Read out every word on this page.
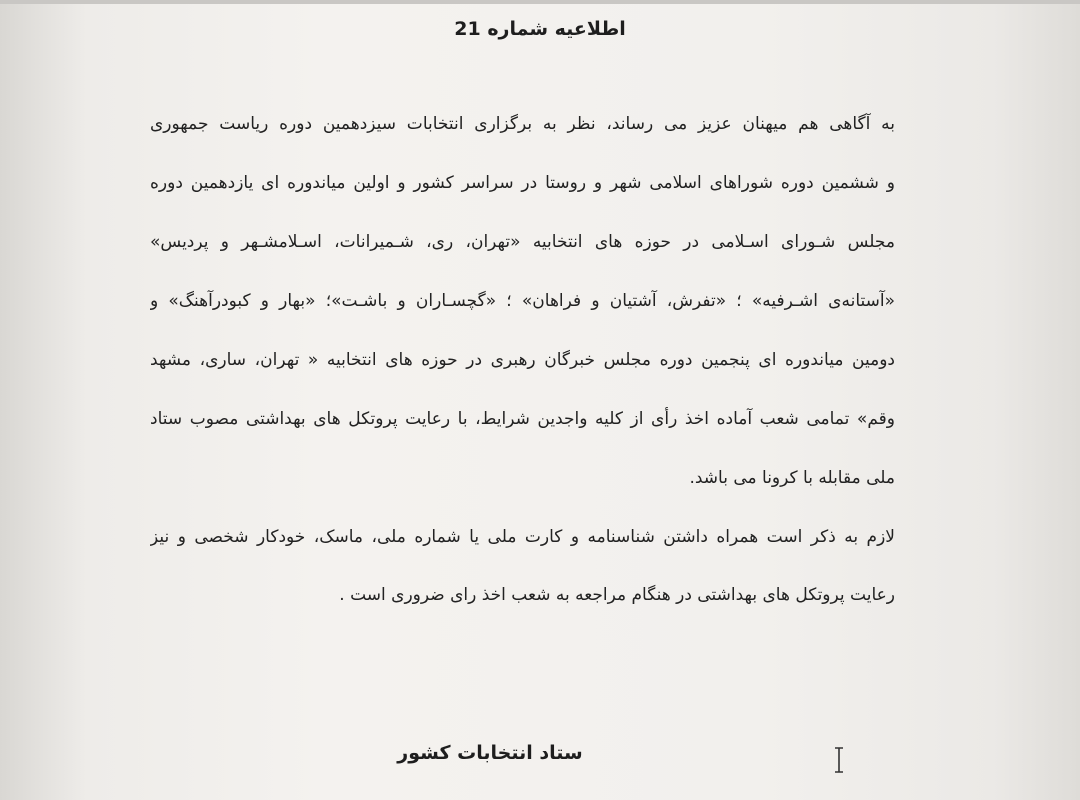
اطلاعیه شماره 21
به آگاهی هم میهنان عزیز می رساند، نظر به برگزاری انتخابات سیزدهمین دوره ریاست جمهوری
و ششمین دوره شوراهای اسلامی شهر و روستا در سراسر کشور و اولین میاندوره ای یازدهمین دوره
مجلس شـورای اسـلامی در حوزه های انتخابیه «تهران، ری، شـمیرانات، اسـلامشـهر و پردیس»
«آستانه‌ی اشـرفیه» ؛ «تفرش، آشتیان و فراهان» ؛ «گچسـاران و باشـت»؛ «بهار و کبودرآهنگ» و
دومین میاندوره ای پنجمین دوره مجلس خبرگان رهبری در حوزه های انتخابیه « تهران، ساری، مشهد
وقم» تمامی شعب آماده اخذ رأی از کلیه واجدین شرایط، با رعایت پروتکل های بهداشتی مصوب ستاد
ملی مقابله با کرونا می باشد.
لازم به ذکر است همراه داشتن شناسنامه و کارت ملی یا شماره ملی، ماسک، خودکار شخصی و نیز
رعایت پروتکل های بهداشتی در هنگام مراجعه به شعب اخذ رای ضروری است .
ستاد انتخابات کشور
